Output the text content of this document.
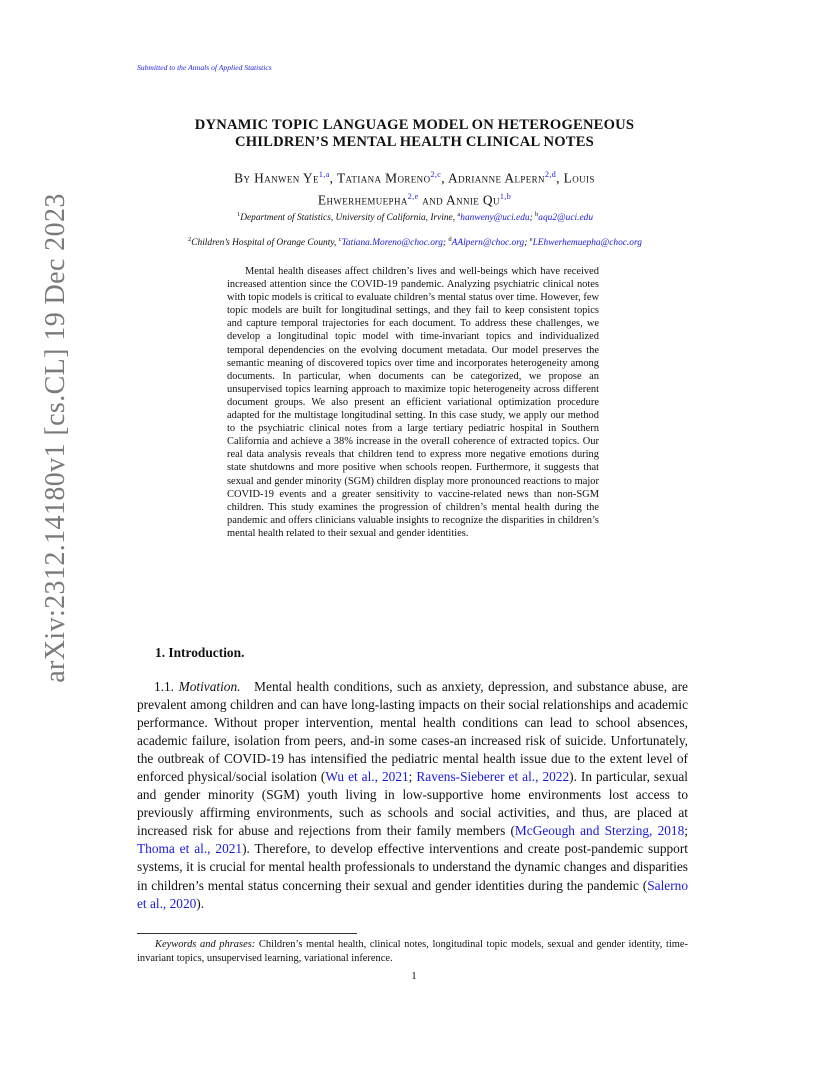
Submitted to the Annals of Applied Statistics
arXiv:2312.14180v1 [cs.CL] 19 Dec 2023
DYNAMIC TOPIC LANGUAGE MODEL ON HETEROGENEOUS
CHILDREN’S MENTAL HEALTH CLINICAL NOTES
By Hanwen Ye$^{1,a}$, Tatiana Moreno$^{2,c}$, Adrianne Alpern$^{2,d}$, Louis
Ehwerhemuepha$^{2,e}$ and Annie Qu$^{1,b}$
$^1$Department of Statistics, University of California, Irvine, $^a$hanweny@uci.edu; $^b$aqu2@uci.edu
$^2$Children’s Hospital of Orange County, $^c$Tatiana.Moreno@choc.org; $^d$AAlpern@choc.org; $^e$LEhwerhemuepha@choc.org

Mental health diseases affect children’s lives and well-beings which have received increased attention since the COVID-19 pandemic. Analyzing psychiatric clinical notes with topic models is critical to evaluate children’s mental status over time. However, few topic models are built for longitudinal settings, and they fail to keep consistent topics and capture temporal trajectories for each document. To address these challenges, we develop a longitudinal topic model with time-invariant topics and individualized temporal dependencies on the evolving document metadata. Our model preserves the semantic meaning of discovered topics over time and incorporates heterogeneity among documents. In particular, when documents can be categorized, we propose an unsupervised topics learning approach to maximize topic heterogeneity across different document groups. We also present an efficient variational optimization procedure adapted for the multistage longitudinal setting. In this case study, we apply our method to the psychiatric clinical notes from a large tertiary pediatric hospital in Southern California and achieve a 38% increase in the overall coherence of extracted topics. Our real data analysis reveals that children tend to express more negative emotions during state shutdowns and more positive when schools reopen. Furthermore, it suggests that sexual and gender minority (SGM) children display more pronounced reactions to major COVID-19 events and a greater sensitivity to vaccine-related news than non-SGM children. This study examines the progression of children’s mental health during the pandemic and offers clinicians valuable insights to recognize the disparities in children’s mental health related to their sexual and gender identities.

1. Introduction.

1.1. Motivation. Mental health conditions, such as anxiety, depression, and substance abuse, are prevalent among children and can have long-lasting impacts on their social relationships and academic performance. Without proper intervention, mental health conditions can lead to school absences, academic failure, isolation from peers, and-in some cases-an increased risk of suicide. Unfortunately, the outbreak of COVID-19 has intensified the pediatric mental health issue due to the extent level of enforced physical/social isolation (Wu et al., 2021; Ravens-Sieberer et al., 2022). In particular, sexual and gender minority (SGM) youth living in low-supportive home environments lost access to previously affirming environments, such as schools and social activities, and thus, are placed at increased risk for abuse and rejections from their family members (McGeough and Sterzing, 2018; Thoma et al., 2021). Therefore, to develop effective interventions and create post-pandemic support systems, it is crucial for mental health professionals to understand the dynamic changes and disparities in children’s mental status concerning their sexual and gender identities during the pandemic (Salerno et al., 2020).

Keywords and phrases: Children’s mental health, clinical notes, longitudinal topic models, sexual and gender identity, time-invariant topics, unsupervised learning, variational inference.

1
